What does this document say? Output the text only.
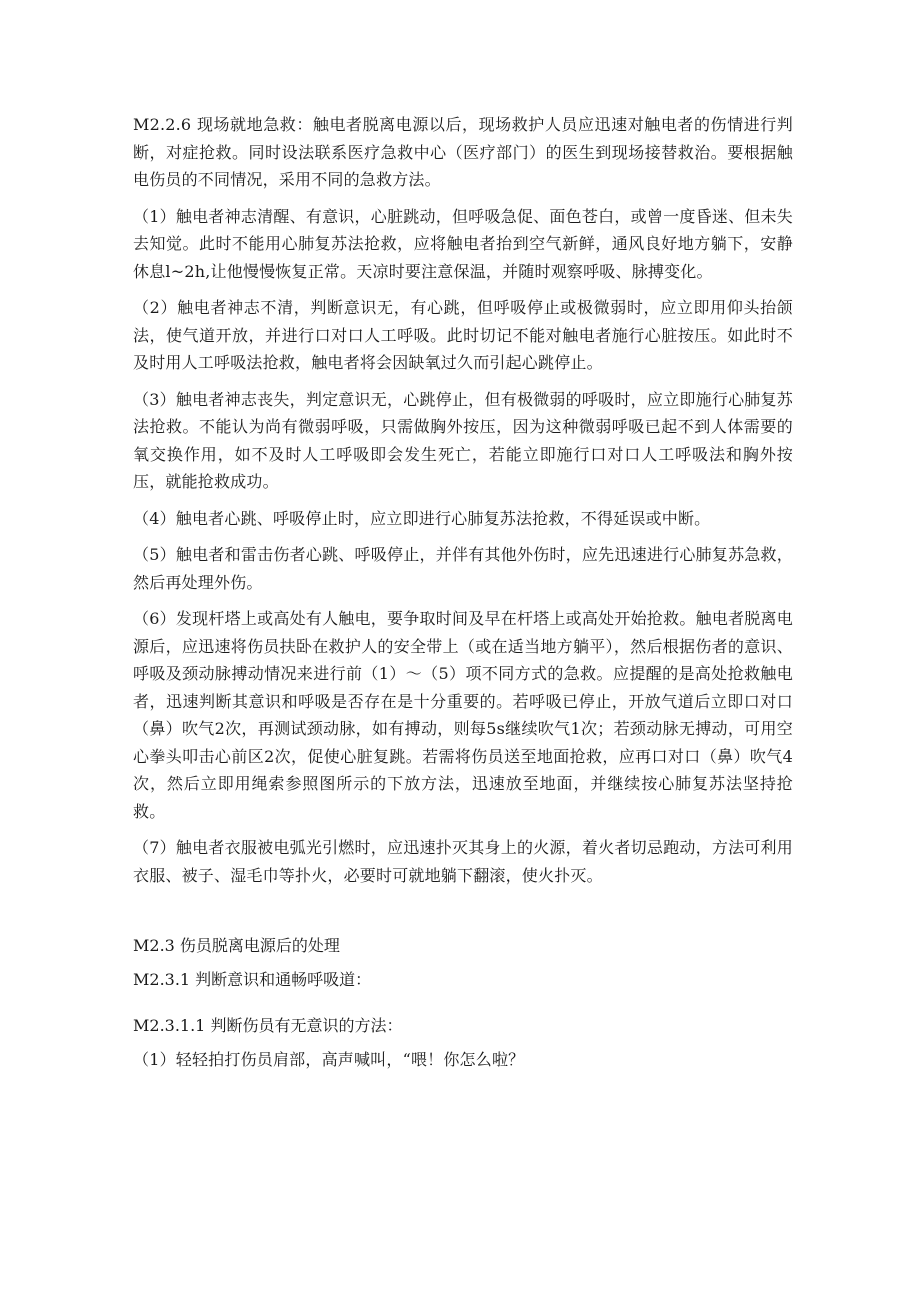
M2.2.6 现场就地急救：触电者脱离电源以后，现场救护人员应迅速对触电者的伤情进行判断，对症抢救。同时设法联系医疗急救中心（医疗部门）的医生到现场接替救治。要根据触电伤员的不同情况，采用不同的急救方法。

（1）触电者神志清醒、有意识，心脏跳动，但呼吸急促、面色苍白，或曾一度昏迷、但未失去知觉。此时不能用心肺复苏法抢救，应将触电者抬到空气新鲜，通风良好地方躺下，安静休息l~2h,让他慢慢恢复正常。天凉时要注意保温，并随时观察呼吸、脉搏变化。

（2）触电者神志不清，判断意识无，有心跳，但呼吸停止或极微弱时，应立即用仰头抬颌法，使气道开放，并进行口对口人工呼吸。此时切记不能对触电者施行心脏按压。如此时不及时用人工呼吸法抢救，触电者将会因缺氧过久而引起心跳停止。

（3）触电者神志丧失，判定意识无，心跳停止，但有极微弱的呼吸时，应立即施行心肺复苏法抢救。不能认为尚有微弱呼吸，只需做胸外按压，因为这种微弱呼吸已起不到人体需要的氧交换作用，如不及时人工呼吸即会发生死亡，若能立即施行口对口人工呼吸法和胸外按压，就能抢救成功。

（4）触电者心跳、呼吸停止时，应立即进行心肺复苏法抢救，不得延误或中断。

（5）触电者和雷击伤者心跳、呼吸停止，并伴有其他外伤时，应先迅速进行心肺复苏急救，然后再处理外伤。

（6）发现杆塔上或高处有人触电，要争取时间及早在杆塔上或高处开始抢救。触电者脱离电源后，应迅速将伤员扶卧在救护人的安全带上（或在适当地方躺平），然后根据伤者的意识、呼吸及颈动脉搏动情况来进行前（1）～（5）项不同方式的急救。应提醒的是高处抢救触电者，迅速判断其意识和呼吸是否存在是十分重要的。若呼吸已停止，开放气道后立即口对口（鼻）吹气2次，再测试颈动脉，如有搏动，则每5s继续吹气1次；若颈动脉无搏动，可用空心拳头叩击心前区2次，促使心脏复跳。若需将伤员送至地面抢救，应再口对口（鼻）吹气4次，然后立即用绳索参照图所示的下放方法，迅速放至地面，并继续按心肺复苏法坚持抢救。

（7）触电者衣服被电弧光引燃时，应迅速扑灭其身上的火源，着火者切忌跑动，方法可利用衣服、被子、湿毛巾等扑火，必要时可就地躺下翻滚，使火扑灭。

M2.3 伤员脱离电源后的处理

M2.3.1 判断意识和通畅呼吸道：

M2.3.1.1 判断伤员有无意识的方法：

（1）轻轻拍打伤员肩部，高声喊叫，“喂！你怎么啦？
